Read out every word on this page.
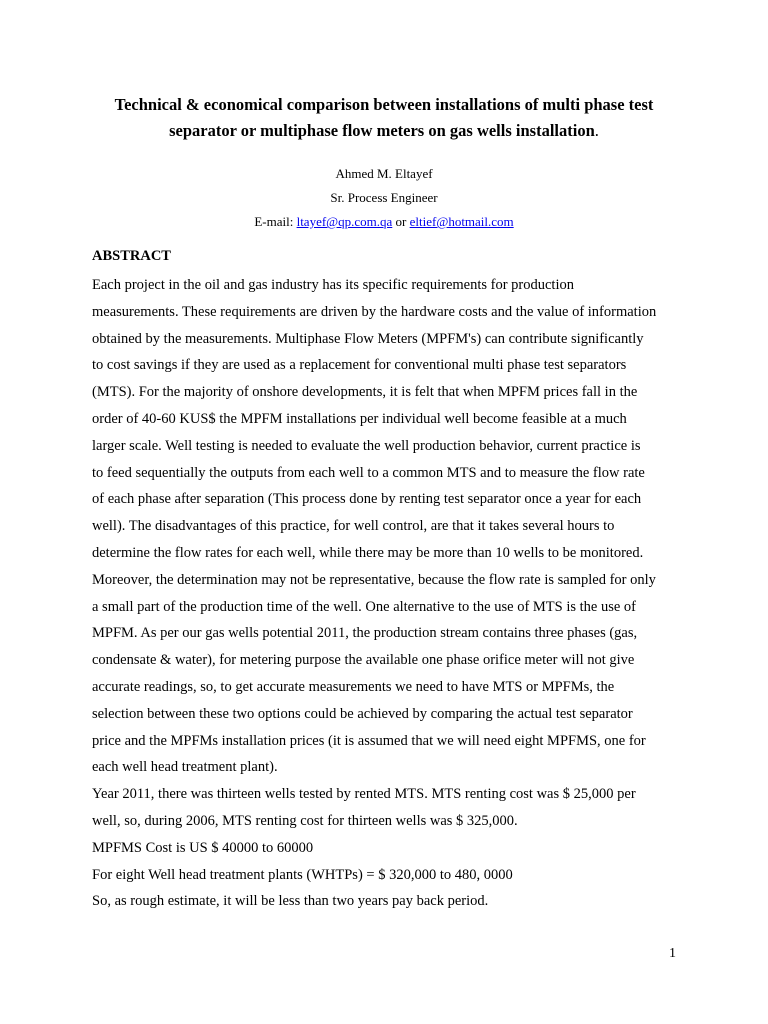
Technical & economical comparison between installations of multi phase test
separator or multiphase flow meters on gas wells installation.
Ahmed M. Eltayef
Sr. Process Engineer
E-mail: ltayef@qp.com.qa or eltief@hotmail.com
ABSTRACT

Each project in the oil and gas industry has its specific requirements for production

measurements. These requirements are driven by the hardware costs and the value of information

obtained by the measurements. Multiphase Flow Meters (MPFM's) can contribute significantly

to cost savings if they are used as a replacement for conventional multi phase test separators

(MTS). For the majority of onshore developments, it is felt that when MPFM prices fall in the

order of 40-60 KUS$ the MPFM installations per individual well become feasible at a much

larger scale. Well testing is needed to evaluate the well production behavior, current practice is

to feed sequentially the outputs from each well to a common MTS and to measure the flow rate

of each phase after separation (This process done by renting test separator once a year for each

well). The disadvantages of this practice, for well control, are that it takes several hours to

determine the flow rates for each well, while there may be more than 10 wells to be monitored.

Moreover, the determination may not be representative, because the flow rate is sampled for only

a small part of the production time of the well. One alternative to the use of MTS is the use of

MPFM. As per our gas wells potential 2011, the production stream contains three phases (gas,

condensate & water), for metering purpose the available one phase orifice meter will not give

accurate readings, so, to get accurate measurements we need to have MTS or MPFMs, the

selection between these two options could be achieved by comparing the actual test separator

price and the MPFMs installation prices (it is assumed that we will need eight MPFMS, one for

each well head treatment plant).

Year 2011, there was thirteen wells tested by rented MTS. MTS renting cost was $ 25,000 per

well, so, during 2006, MTS renting cost for thirteen wells was $ 325,000.

MPFMS Cost is US $ 40000 to 60000

For eight Well head treatment plants (WHTPs) = $ 320,000 to 480, 0000

So, as rough estimate, it will be less than two years pay back period.

1
